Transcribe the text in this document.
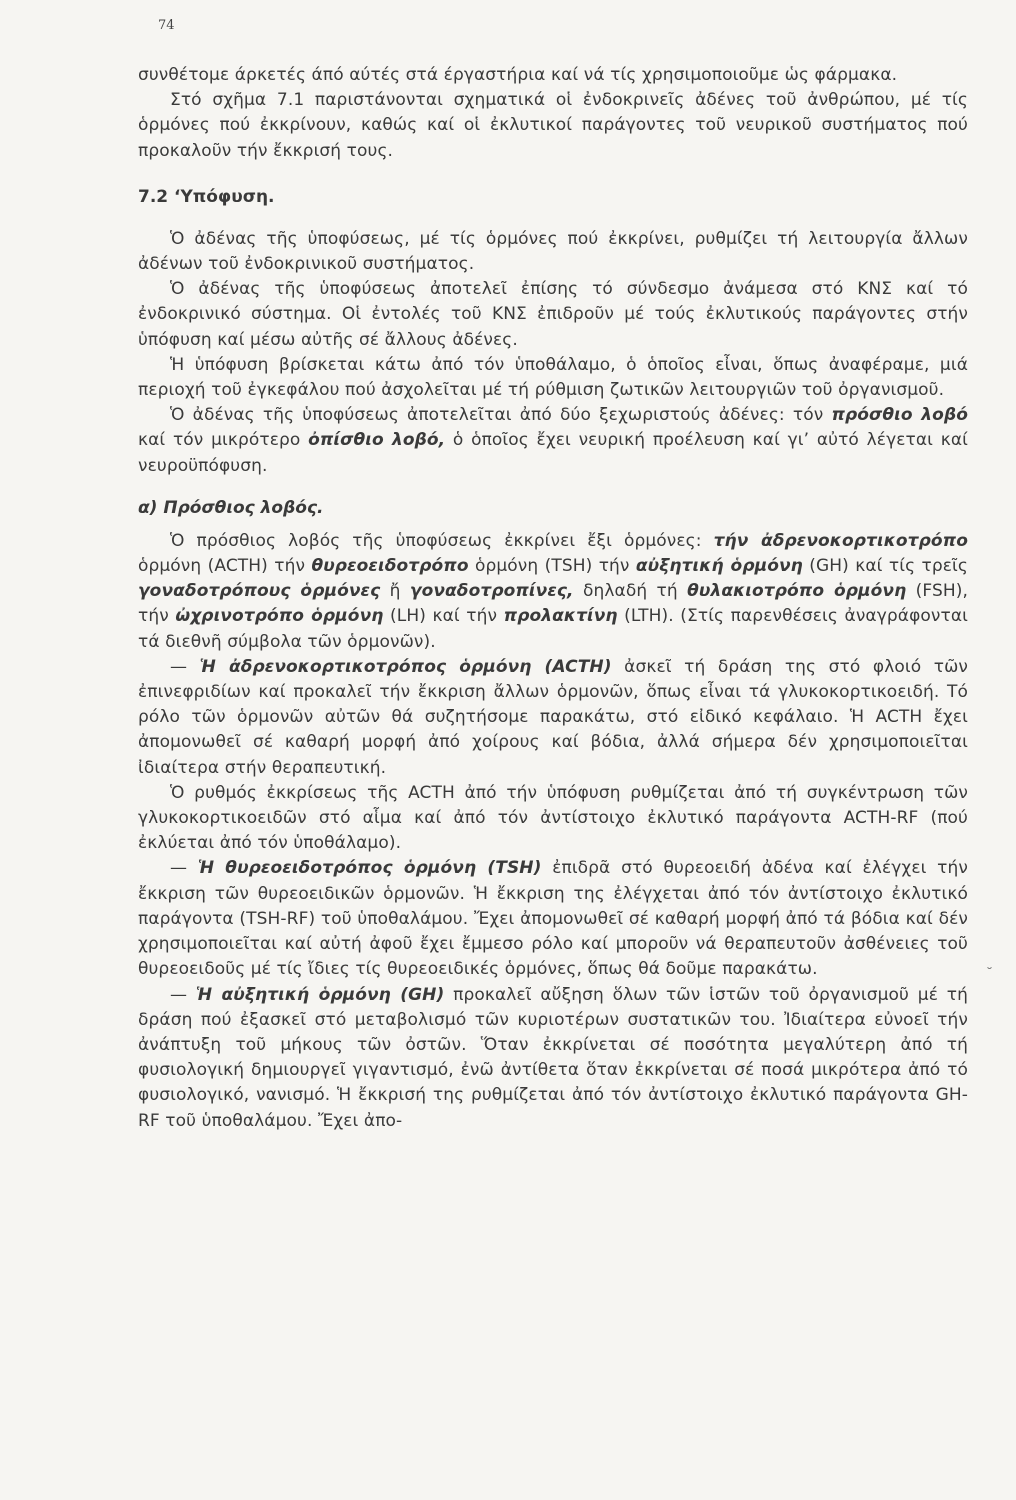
74

συνθέτομε άρκετές άπό αύτές στά έργαστήρια καί νά τίς χρησιμοποιοῦμε ὡς φάρμακα.

Στό σχῆμα 7.1 παριστάνονται σχηματικά οἱ ἐνδοκρινεῖς ἀδένες τοῦ ἀνθρώπου, μέ τίς ὁρμόνες πού ἐκκρίνουν, καθώς καί οἱ ἐκλυτικοί παράγοντες τοῦ νευρικοῦ συστήματος πού προκαλοῦν τήν ἔκκρισή τους.

7.2 ‘Υπόφυση.

Ὁ ἀδένας τῆς ὑποφύσεως, μέ τίς ὁρμόνες πού ἐκκρίνει, ρυθμίζει τή λειτουργία ἄλλων ἀδένων τοῦ ἐνδοκρινικοῦ συστήματος.

Ὁ ἀδένας τῆς ὑποφύσεως ἀποτελεῖ ἐπίσης τό σύνδεσμο ἀνάμεσα στό ΚΝΣ καί τό ἐνδοκρινικό σύστημα. Οἱ ἐντολές τοῦ ΚΝΣ ἐπιδροῦν μέ τούς ἐκλυτικούς παράγοντες στήν ὑπόφυση καί μέσω αὐτῆς σέ ἄλλους ἀδένες.

Ἡ ὑπόφυση βρίσκεται κάτω ἀπό τόν ὑποθάλαμο, ὁ ὁποῖος εἶναι, ὅπως ἀναφέραμε, μιά περιοχή τοῦ ἐγκεφάλου πού ἀσχολεῖται μέ τή ρύθμιση ζωτικῶν λειτουργιῶν τοῦ ὀργανισμοῦ.

Ὁ ἀδένας τῆς ὑποφύσεως ἀποτελεῖται ἀπό δύο ξεχωριστούς ἀδένες: τόν πρόσθιο λοβό καί τόν μικρότερο ὀπίσθιο λοβό, ὁ ὁποῖος ἔχει νευρική προέλευση καί γι’ αὐτό λέγεται καί νευροϋπόφυση.

α) Πρόσθιος λοβός.

Ὁ πρόσθιος λοβός τῆς ὑποφύσεως ἐκκρίνει ἔξι ὁρμόνες: τήν ἀδρενοκορτικοτρόπο ὁρμόνη (ACTH) τήν θυρεοειδοτρόπο ὁρμόνη (TSH) τήν αὐξητική ὁρμόνη (GH) καί τίς τρεῖς γοναδοτρόπους ὁρμόνες ἤ γοναδοτροπίνες, δηλαδή τή θυλακιοτρόπο ὁρμόνη (FSH), τήν ὠχρινοτρόπο ὁρμόνη (LH) καί τήν προλακτίνη (LTH). (Στίς παρενθέσεις ἀναγράφονται τά διεθνῆ σύμβολα τῶν ὁρμονῶν).

— Ἡ ἀδρενοκορτικοτρόπος ὁρμόνη (ACTH) ἀσκεῖ τή δράση της στό φλοιό τῶν ἐπινεφριδίων καί προκαλεῖ τήν ἔκκριση ἄλλων ὁρμονῶν, ὅπως εἶναι τά γλυκοκορτικοειδή. Τό ρόλο τῶν ὁρμονῶν αὐτῶν θά συζητήσομε παρακάτω, στό εἰδικό κεφάλαιο. Ἡ ACTH ἔχει ἀπομονωθεῖ σέ καθαρή μορφή ἀπό χοίρους καί βόδια, ἀλλά σήμερα δέν χρησιμοποιεῖται ἰδιαίτερα στήν θεραπευτική.

Ὁ ρυθμός ἐκκρίσεως τῆς ACTH ἀπό τήν ὑπόφυση ρυθμίζεται ἀπό τή συγκέντρωση τῶν γλυκοκορτικοειδῶν στό αἷμα καί ἀπό τόν ἀντίστοιχο ἐκλυτικό παράγοντα ACTH-RF (πού ἐκλύεται ἀπό τόν ὑποθάλαμο).

— Ἡ θυρεοειδοτρόπος ὁρμόνη (TSH) ἐπιδρᾶ στό θυρεοειδή ἀδένα καί ἐλέγχει τήν ἔκκριση τῶν θυρεοειδικῶν ὁρμονῶν. Ἡ ἔκκριση της ἐλέγχεται ἀπό τόν ἀντίστοιχο ἐκλυτικό παράγοντα (TSH-RF) τοῦ ὑποθαλάμου. Ἔχει ἀπομονωθεῖ σέ καθαρή μορφή ἀπό τά βόδια καί δέν χρησιμοποιεῖται καί αὐτή ἀφοῦ ἔχει ἔμμεσο ρόλο καί μποροῦν νά θεραπευτοῦν ἀσθένειες τοῦ θυρεοειδοῦς μέ τίς ἴδιες τίς θυρεοειδικές ὁρμόνες, ὅπως θά δοῦμε παρακάτω.

— Ἡ αὐξητική ὁρμόνη (GH) προκαλεῖ αὔξηση ὅλων τῶν ἱστῶν τοῦ ὀργανισμοῦ μέ τή δράση πού ἐξασκεῖ στό μεταβολισμό τῶν κυριοτέρων συστατικῶν του. Ἰδιαίτερα εὐνοεῖ τήν ἀνάπτυξη τοῦ μήκους τῶν ὀστῶν. Ὅταν ἐκκρίνεται σέ ποσότητα μεγαλύτερη ἀπό τή φυσιολογική δημιουργεῖ γιγαντισμό, ἐνῶ ἀντίθετα ὅταν ἐκκρίνεται σέ ποσά μικρότερα ἀπό τό φυσιολογικό, νανισμό. Ἡ ἔκκρισή της ρυθμίζεται ἀπό τόν ἀντίστοιχο ἐκλυτικό παράγοντα GH-RF τοῦ ὑποθαλάμου. Ἔχει ἀπο-

˘
